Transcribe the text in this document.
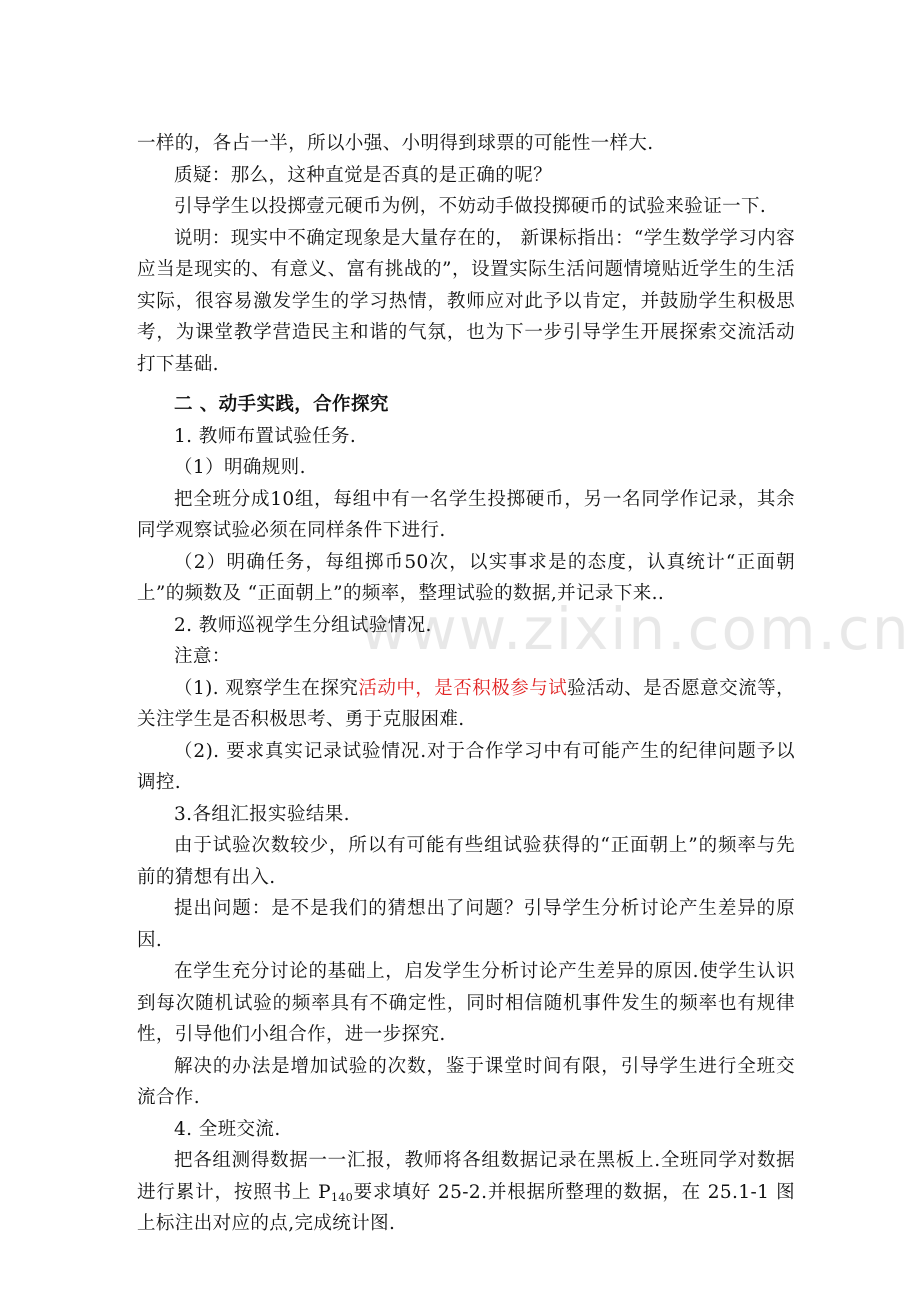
www.zixin.com.cn

一样的，各占一半，所以小强、小明得到球票的可能性一样大.

质疑：那么，这种直觉是否真的是正确的呢？

引导学生以投掷壹元硬币为例，不妨动手做投掷硬币的试验来验证一下.

说明：现实中不确定现象是大量存在的， 新课标指出：“学生数学学习内容应当是现实的、有意义、富有挑战的”，设置实际生活问题情境贴近学生的生活实际，很容易激发学生的学习热情，教师应对此予以肯定，并鼓励学生积极思考，为课堂教学营造民主和谐的气氛，也为下一步引导学生开展探索交流活动打下基础.

二 、动手实践，合作探究

1. 教师布置试验任务.

（1）明确规则.

把全班分成10组，每组中有一名学生投掷硬币，另一名同学作记录，其余同学观察试验必须在同样条件下进行.

（2）明确任务，每组掷币50次，以实事求是的态度，认真统计“正面朝上”的频数及 “正面朝上”的频率，整理试验的数据,并记录下来..

2. 教师巡视学生分组试验情况.

注意：

（1). 观察学生在探究活动中，是否积极参与试验活动、是否愿意交流等，关注学生是否积极思考、勇于克服困难.

（2). 要求真实记录试验情况.对于合作学习中有可能产生的纪律问题予以调控.

3.各组汇报实验结果.

由于试验次数较少，所以有可能有些组试验获得的“正面朝上”的频率与先前的猜想有出入.

提出问题：是不是我们的猜想出了问题？引导学生分析讨论产生差异的原因.

在学生充分讨论的基础上，启发学生分析讨论产生差异的原因.使学生认识到每次随机试验的频率具有不确定性，同时相信随机事件发生的频率也有规律性，引导他们小组合作，进一步探究.

解决的办法是增加试验的次数，鉴于课堂时间有限，引导学生进行全班交流合作.

4. 全班交流.

把各组测得数据一一汇报，教师将各组数据记录在黑板上.全班同学对数据进行累计，按照书上 $P_{140}$要求填好 25-2.并根据所整理的数据，在 25.1-1 图上标注出对应的点,完成统计图.
